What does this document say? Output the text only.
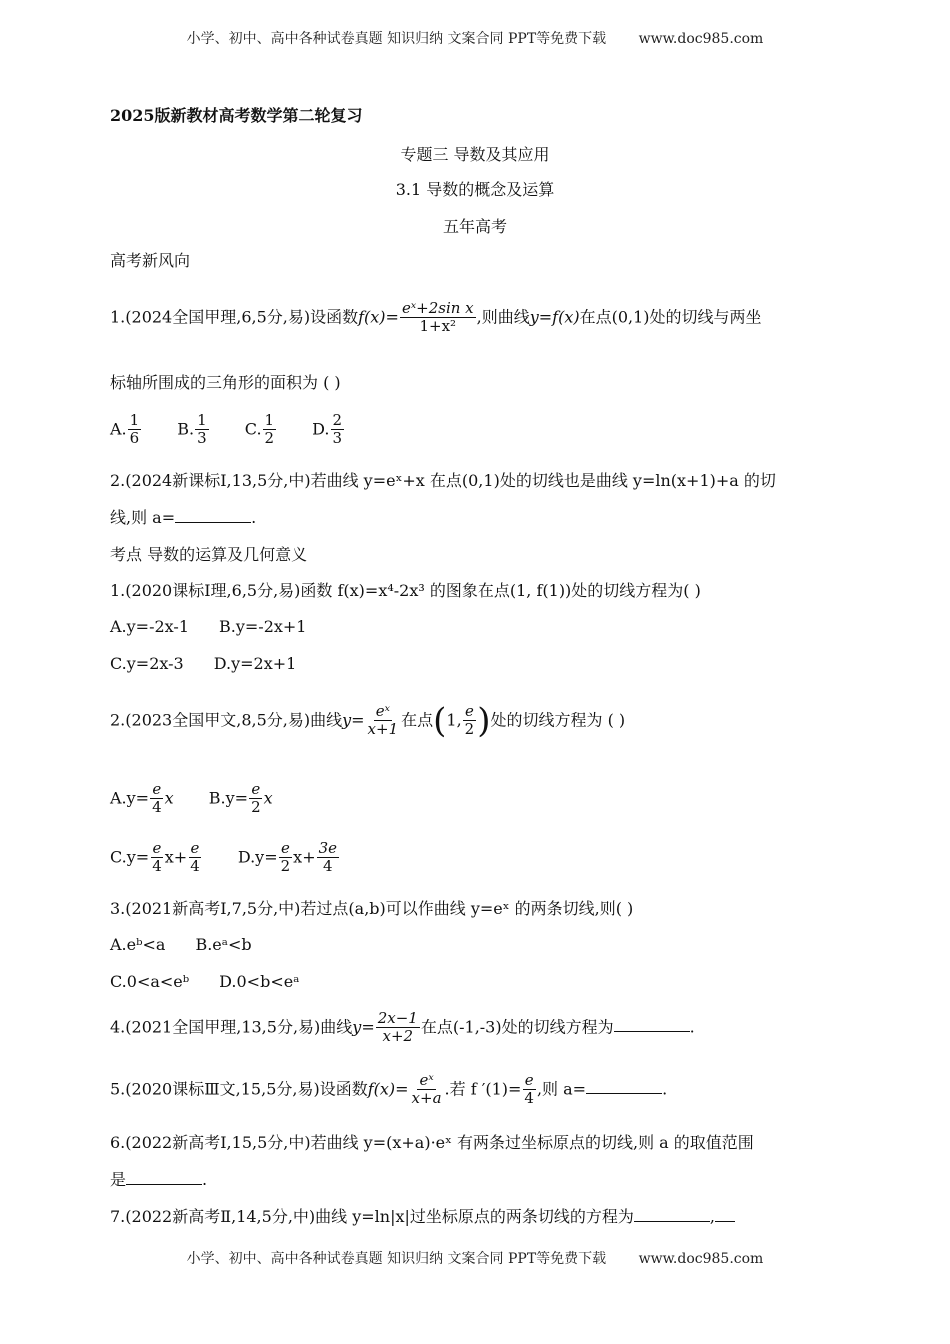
小学、初中、高中各种试卷真题 知识归纳 文案合同 PPT等免费下载 www.doc985.com
2025版新教材高考数学第二轮复习
专题三 导数及其应用
3.1 导数的概念及运算
五年高考
高考新风向
1.(2024全国甲理,6,5分,易)设函数$f(x)= \frac{\text{eˣ+2sin x}}{\text{1+x²}}$ ,则曲线y=f(x)在点(0,1)处的切线与两坐
标轴所围成的三角形的面积为 ( )
A. $\frac{1}{6} B$. $\frac{1}{3} C$. $\frac{1}{2} D$. $\frac{2}{3}$
2.(2024新课标Ⅰ,13,5分,中)若曲线 y=eˣ+x 在点(0,1)处的切线也是曲线 y=ln(x+1)+a 的切
线,则 a=	.
考点 导数的运算及几何意义
1.(2020课标Ⅰ理,6,5分,易)函数 f(x)=x⁴-2x³ 的图象在点(1, f(1))处的切线方程为( )
A.y=-2x-1 B.y=-2x+1
C.y=2x-3 D.y=2x+1
2.(2023全国甲文,8,5分,易)曲线$y= \frac{\text{eˣ}}{x+1}$ 在点(1, $\frac{e}{2}$ )处的切线方程为 ( )
$A.y= \frac{e}{4}$ x $B.y= \frac{e}{2}$ x
$C.y= \frac{e}{4} x+ \frac{e}{4} D.y= \frac{e}{2} x+ \frac{3e}{4}$
3.(2021新高考Ⅰ,7,5分,中)若过点(a,b)可以作曲线 y=eˣ 的两条切线,则( )
A.eᵇ<a B.eᵃ<b
C.0<a<eᵇ D.0<b<eᵃ
4.(2021全国甲理,13,5分,易)曲线$y= \frac{2x-1}{x+2}$ 在点(-1,-3)处的切线方程为	.
5.(2020课标Ⅲ文,15,5分,易)设函数$f(x)= \frac{\text{eˣ}}{x+a}$ .若 f $'(1)= \frac{e}{4}$ ,则 a=	.
6.(2022新高考Ⅰ,15,5分,中)若曲线 y=(x+a)·eˣ 有两条过坐标原点的切线,则 a 的取值范围
是	.
7.(2022新高考Ⅱ,14,5分,中)曲线 y=ln|x|过坐标原点的两条切线的方程为	,
小学、初中、高中各种试卷真题 知识归纳 文案合同 PPT等免费下载 www.doc985.com
